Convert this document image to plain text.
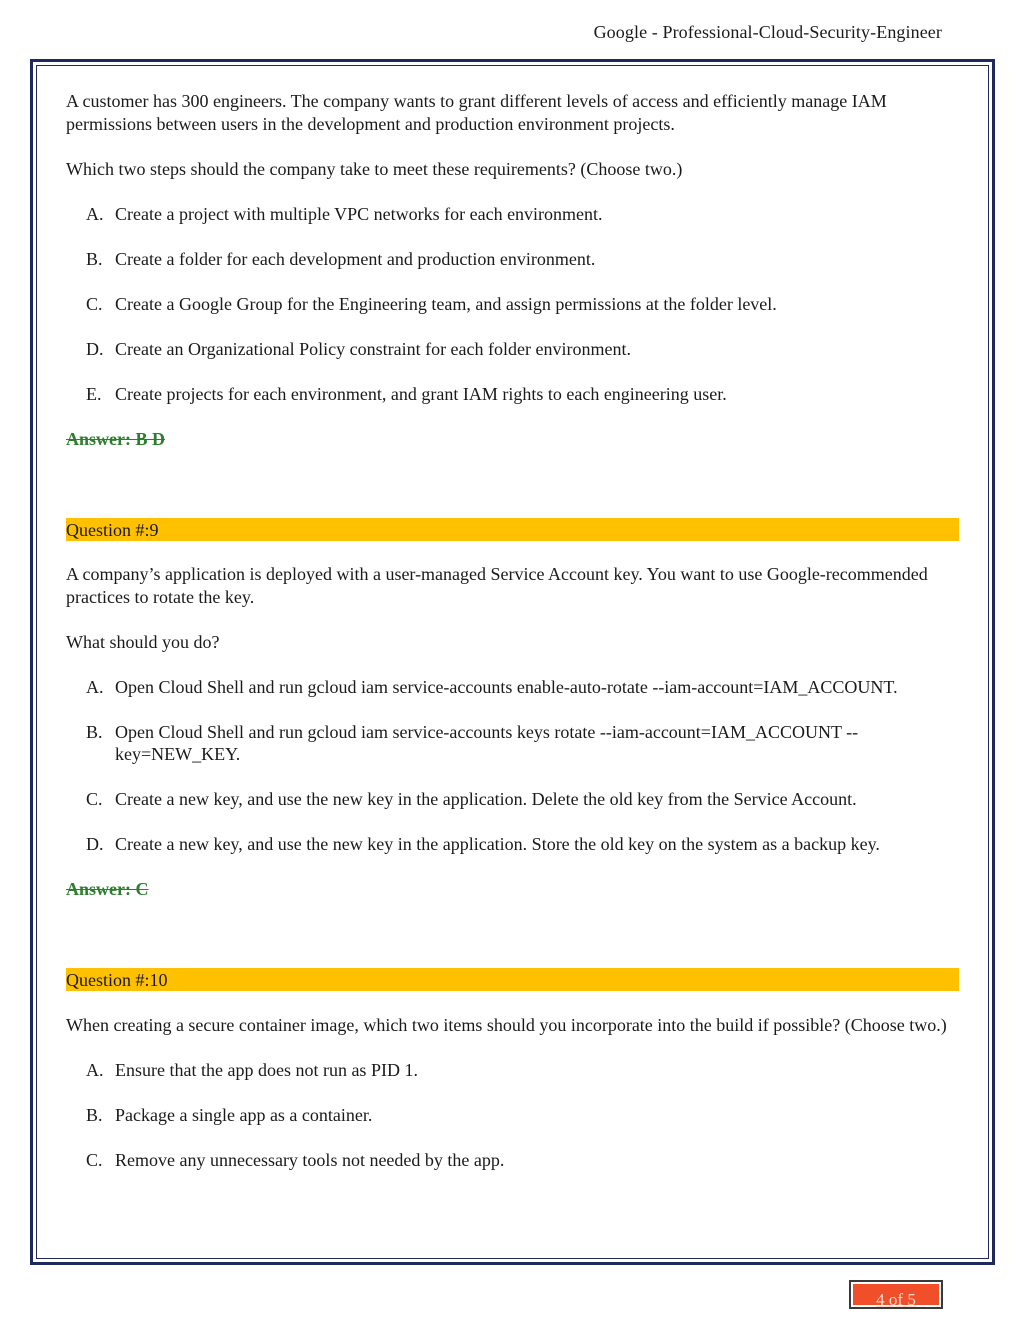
Google - Professional-Cloud-Security-Engineer

A customer has 300 engineers. The company wants to grant different levels of access and efficiently manage IAM permissions between users in the development and production environment projects.

Which two steps should the company take to meet these requirements? (Choose two.)

A. Create a project with multiple VPC networks for each environment.
B. Create a folder for each development and production environment.
C. Create a Google Group for the Engineering team, and assign permissions at the folder level.
D. Create an Organizational Policy constraint for each folder environment.
E. Create projects for each environment, and grant IAM rights to each engineering user.
Answer: B D
Question #:9

A company’s application is deployed with a user-managed Service Account key. You want to use Google-recommended practices to rotate the key.

What should you do?

A. Open Cloud Shell and run gcloud iam service-accounts enable-auto-rotate --iam-account=IAM_ACCOUNT.
B. Open Cloud Shell and run gcloud iam service-accounts keys rotate --iam-account=IAM_ACCOUNT --key=NEW_KEY.
C. Create a new key, and use the new key in the application. Delete the old key from the Service Account.
D. Create a new key, and use the new key in the application. Store the old key on the system as a backup key.
Answer: C
Question #:10

When creating a secure container image, which two items should you incorporate into the build if possible? (Choose two.)

A. Ensure that the app does not run as PID 1.
B. Package a single app as a container.
C. Remove any unnecessary tools not needed by the app.
4 of 5
